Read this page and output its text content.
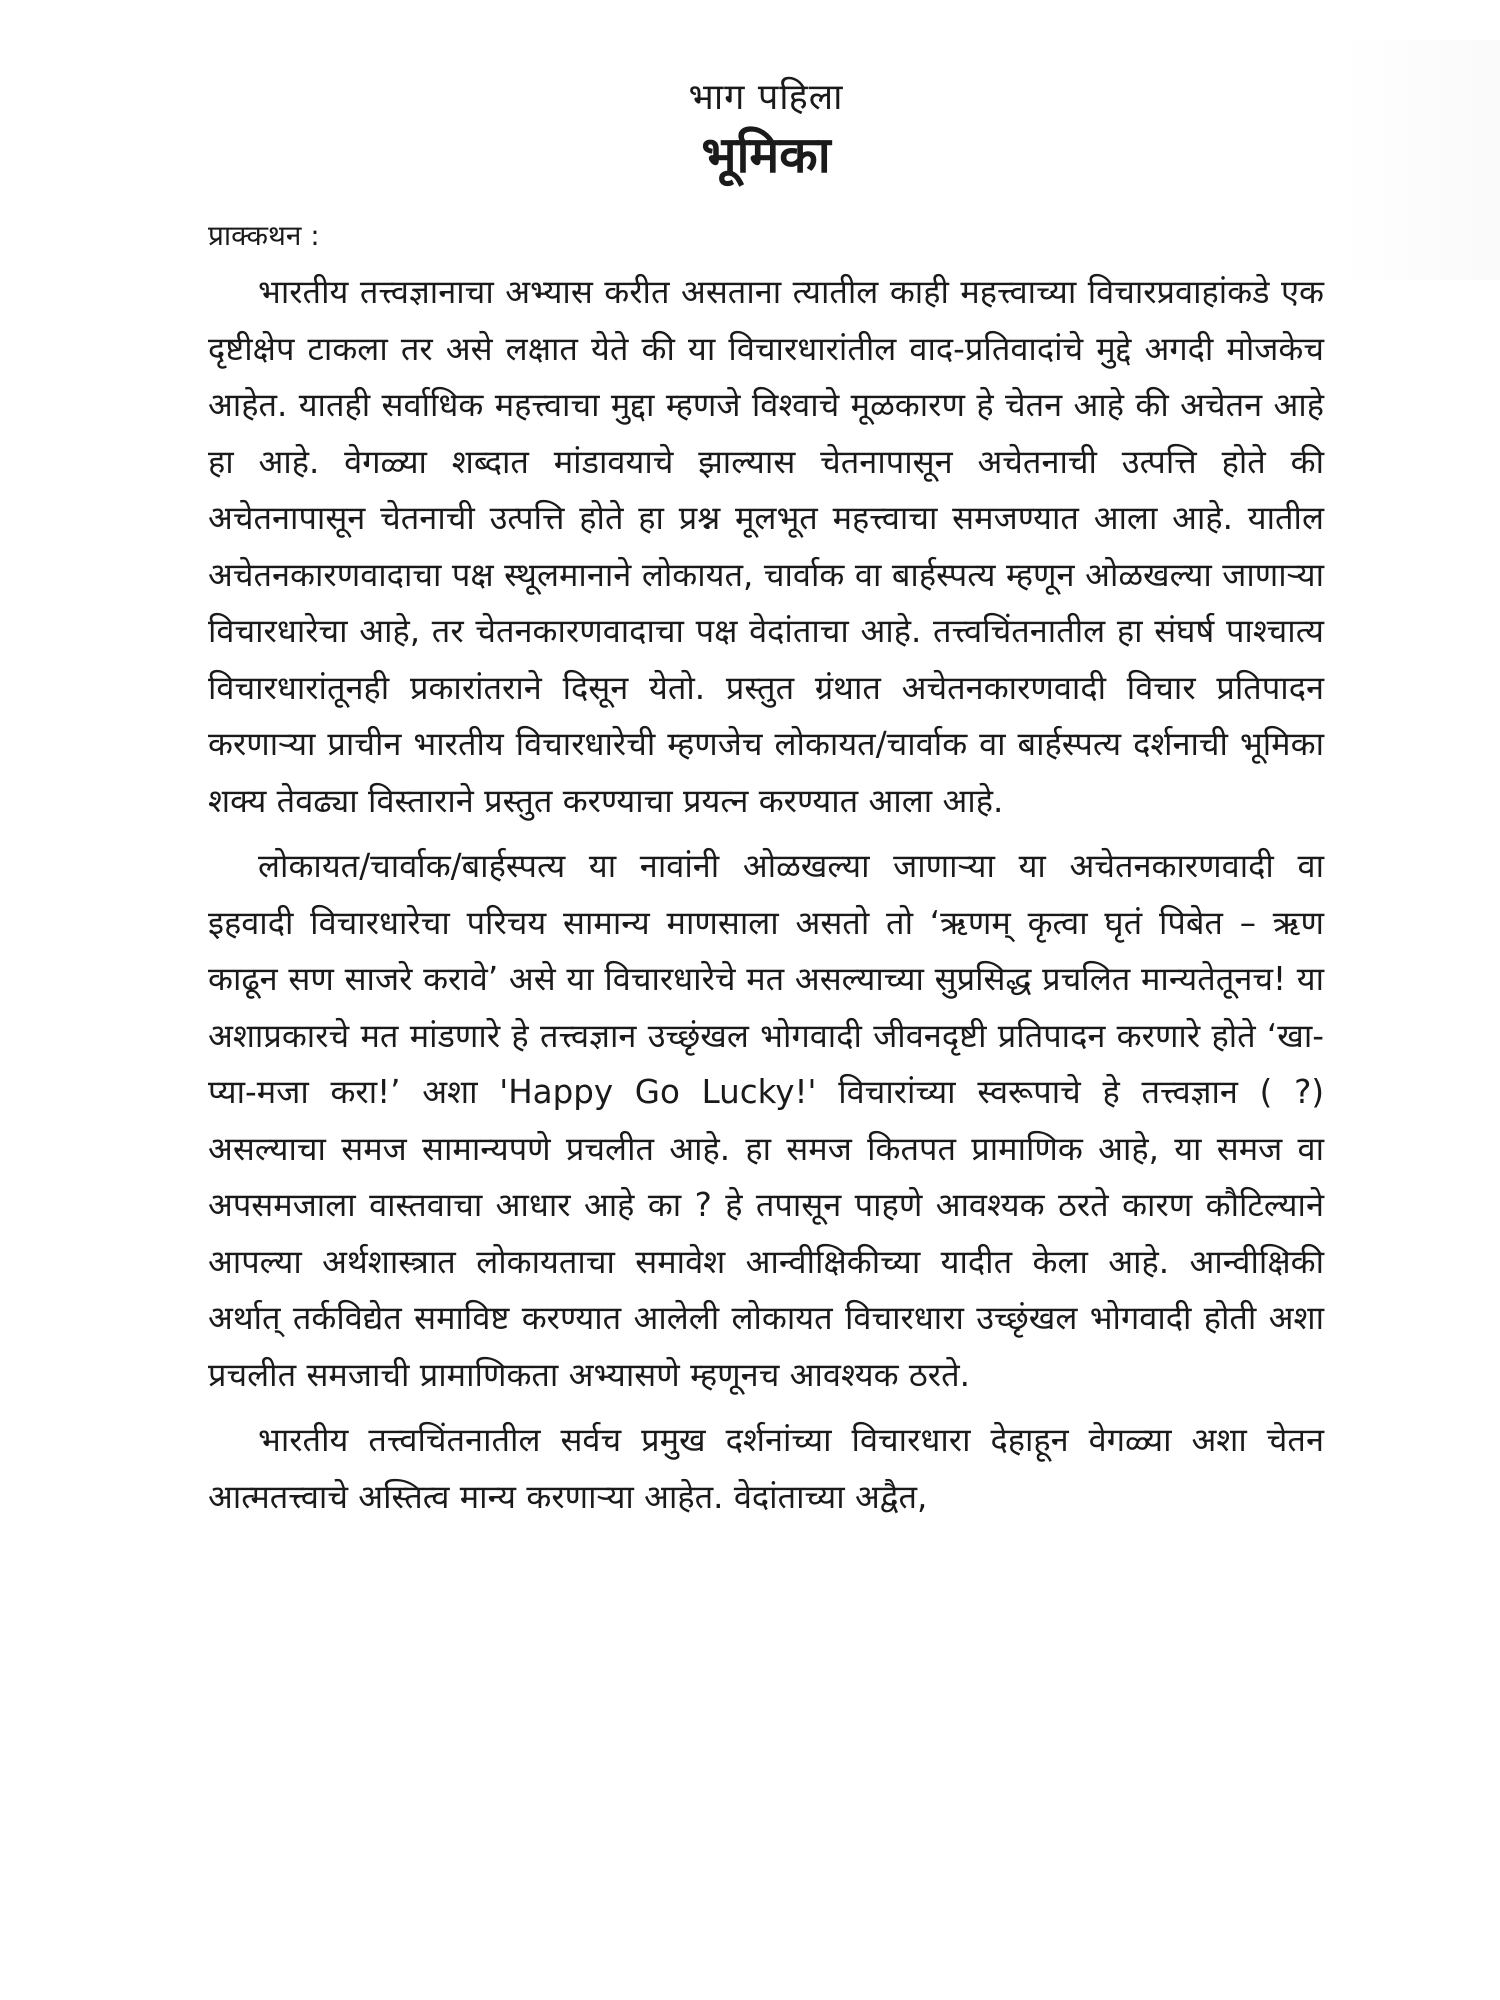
भाग पहिला
भूमिका
प्राक्कथन :

भारतीय तत्त्वज्ञानाचा अभ्यास करीत असताना त्यातील काही महत्त्वाच्या विचारप्रवाहांकडे एक दृष्टीक्षेप टाकला तर असे लक्षात येते की या विचारधारांतील वाद-प्रतिवादांचे मुद्दे अगदी मोजकेच आहेत. यातही सर्वाधिक महत्त्वाचा मुद्दा म्हणजे विश्वाचे मूळकारण हे चेतन आहे की अचेतन आहे हा आहे. वेगळ्या शब्दात मांडावयाचे झाल्यास चेतनापासून अचेतनाची उत्पत्ति होते की अचेतनापासून चेतनाची उत्पत्ति होते हा प्रश्न मूलभूत महत्त्वाचा समजण्यात आला आहे. यातील अचेतनकारणवादाचा पक्ष स्थूलमानाने लोकायत, चार्वाक वा बार्हस्पत्य म्हणून ओळखल्या जाणाऱ्या विचारधारेचा आहे, तर चेतनकारणवादाचा पक्ष वेदांताचा आहे. तत्त्वचिंतनातील हा संघर्ष पाश्चात्य विचारधारांतूनही प्रकारांतराने दिसून येतो. प्रस्तुत ग्रंथात अचेतनकारणवादी विचार प्रतिपादन करणाऱ्या प्राचीन भारतीय विचारधारेची म्हणजेच लोकायत/चार्वाक वा बार्हस्पत्य दर्शनाची भूमिका शक्य तेवढ्या विस्ताराने प्रस्तुत करण्याचा प्रयत्न करण्यात आला आहे.

लोकायत/चार्वाक/बार्हस्पत्य या नावांनी ओळखल्या जाणाऱ्या या अचेतनकारणवादी वा इहवादी विचारधारेचा परिचय सामान्य माणसाला असतो तो ‘ऋणम् कृत्वा घृतं पिबेत – ऋण काढून सण साजरे करावे’ असे या विचारधारेचे मत असल्याच्या सुप्रसिद्ध प्रचलित मान्यतेतूनच! या अशाप्रकारचे मत मांडणारे हे तत्त्वज्ञान उच्छृंखल भोगवादी जीवनदृष्टी प्रतिपादन करणारे होते ‘खा-प्या-मजा करा!’ अशा 'Happy Go Lucky!' विचारांच्या स्वरूपाचे हे तत्त्वज्ञान ( ?) असल्याचा समज सामान्यपणे प्रचलीत आहे. हा समज कितपत प्रामाणिक आहे, या समज वा अपसमजाला वास्तवाचा आधार आहे का ? हे तपासून पाहणे आवश्यक ठरते कारण कौटिल्याने आपल्या अर्थशास्त्रात लोकायताचा समावेश आन्वीक्षिकीच्या यादीत केला आहे. आन्वीक्षिकी अर्थात् तर्कविद्येत समाविष्ट करण्यात आलेली लोकायत विचारधारा उच्छृंखल भोगवादी होती अशा प्रचलीत समजाची प्रामाणिकता अभ्यासणे म्हणूनच आवश्यक ठरते.

भारतीय तत्त्वचिंतनातील सर्वच प्रमुख दर्शनांच्या विचारधारा देहाहून वेगळ्या अशा चेतन आत्मतत्त्वाचे अस्तित्व मान्य करणाऱ्या आहेत. वेदांताच्या अद्वैत,
